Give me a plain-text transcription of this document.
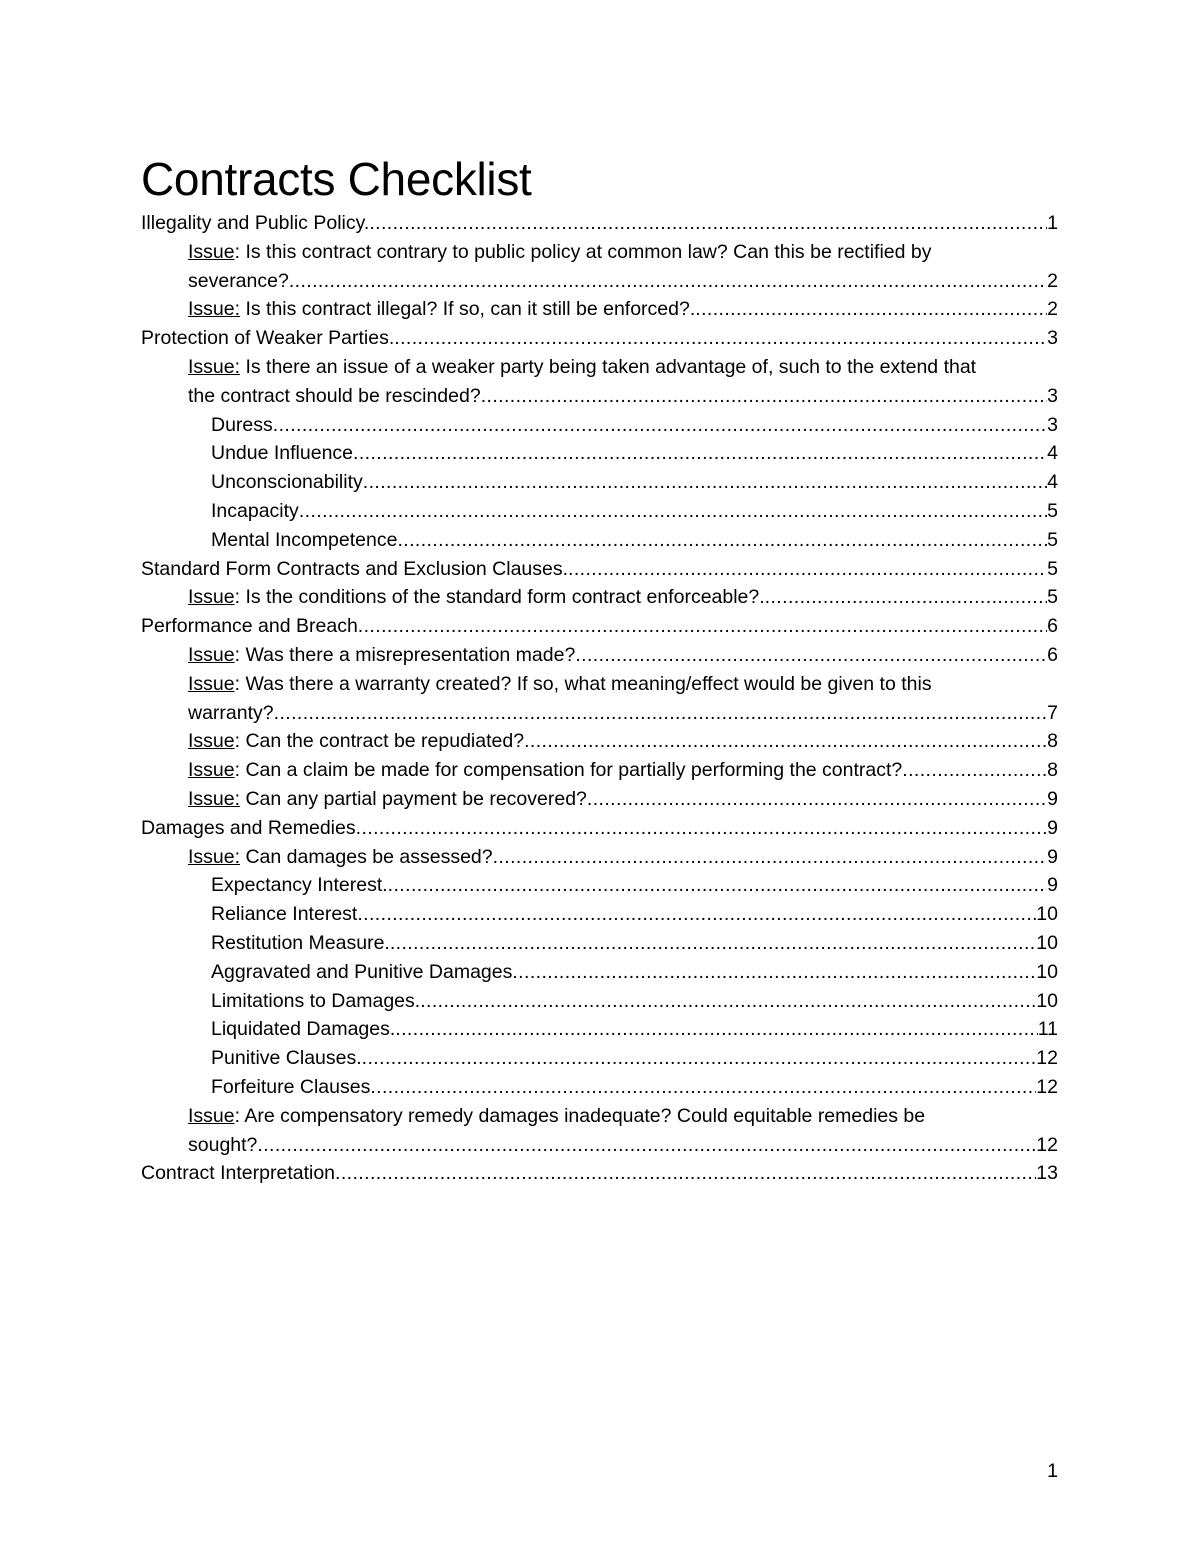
Contracts Checklist
Illegality and Public Policy. .....	1
Issue: Is this contract contrary to public policy at common law? Can this be rectified by
severance? .....	2
Issue: Is this contract illegal? If so, can it still be enforced?. .....	2
Protection of Weaker Parties. .....	3
Issue: Is there an issue of a weaker party being taken advantage of, such to the extend that
the contract should be rescinded? .....	3
Duress .....	3
Undue Influence .....	4
Unconscionability .....	4
Incapacity .....	5
Mental Incompetence .....	5
Standard Form Contracts and Exclusion Clauses. .....	5
Issue: Is the conditions of the standard form contract enforceable?. .....	5
Performance and Breach .....	6
Issue: Was there a misrepresentation made? .....	6
Issue: Was there a warranty created? If so, what meaning/effect would be given to this
warranty? .....	7
Issue: Can the contract be repudiated? .....	8
Issue: Can a claim be made for compensation for partially performing the contract? .....	8
Issue: Can any partial payment be recovered? .....	9
Damages and Remedies .....	9
Issue: Can damages be assessed? .....	9
Expectancy Interest. .....	9
Reliance Interest .....	10
Restitution Measure. .....	10
Aggravated and Punitive Damages .....	10
Limitations to Damages. .....	10
Liquidated Damages. .....	11
Punitive Clauses. .....	12
Forfeiture Clauses .....	12
Issue: Are compensatory remedy damages inadequate? Could equitable remedies be
sought? .....	12
Contract Interpretation .....	13
1
